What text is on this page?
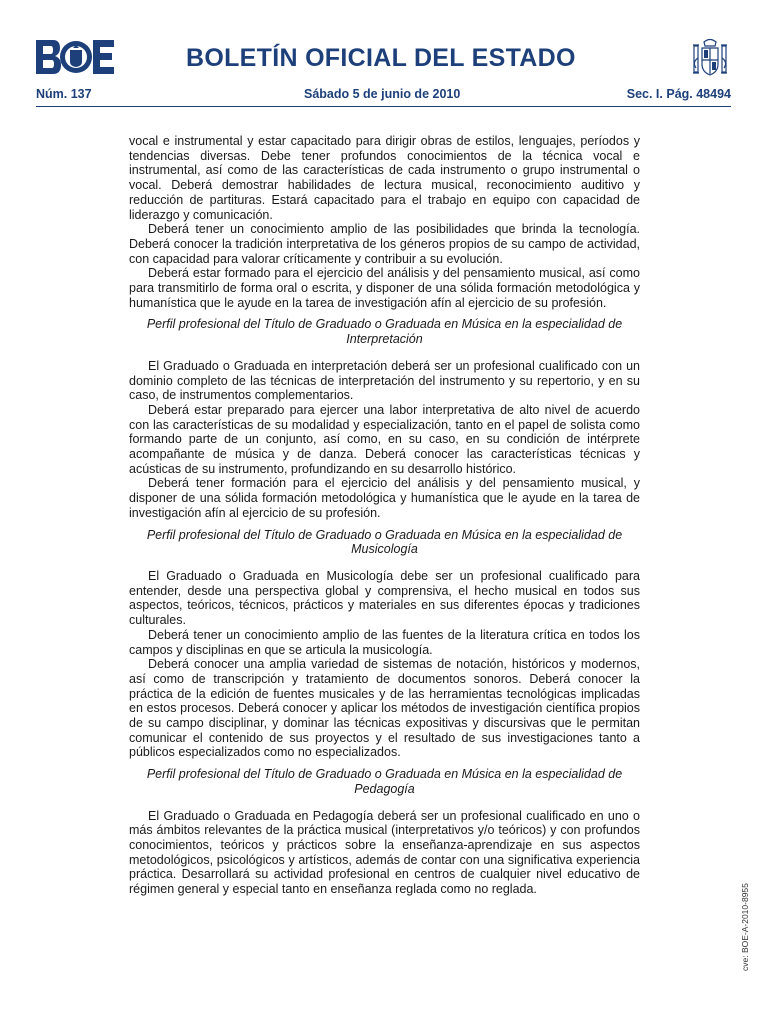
BOLETÍN OFICIAL DEL ESTADO
Núm. 137	Sábado 5 de junio de 2010	Sec. I. Pág. 48494

vocal e instrumental y estar capacitado para dirigir obras de estilos, lenguajes, períodos y tendencias diversas. Debe tener profundos conocimientos de la técnica vocal e instrumental, así como de las características de cada instrumento o grupo instrumental o vocal. Deberá demostrar habilidades de lectura musical, reconocimiento auditivo y reducción de partituras. Estará capacitado para el trabajo en equipo con capacidad de liderazgo y comunicación.

Deberá tener un conocimiento amplio de las posibilidades que brinda la tecnología. Deberá conocer la tradición interpretativa de los géneros propios de su campo de actividad, con capacidad para valorar críticamente y contribuir a su evolución.

Deberá estar formado para el ejercicio del análisis y del pensamiento musical, así como para transmitirlo de forma oral o escrita, y disponer de una sólida formación metodológica y humanística que le ayude en la tarea de investigación afín al ejercicio de su profesión.

Perfil profesional del Título de Graduado o Graduada en Música en la especialidad de Interpretación

El Graduado o Graduada en interpretación deberá ser un profesional cualificado con un dominio completo de las técnicas de interpretación del instrumento y su repertorio, y en su caso, de instrumentos complementarios.

Deberá estar preparado para ejercer una labor interpretativa de alto nivel de acuerdo con las características de su modalidad y especialización, tanto en el papel de solista como formando parte de un conjunto, así como, en su caso, en su condición de intérprete acompañante de música y de danza. Deberá conocer las características técnicas y acústicas de su instrumento, profundizando en su desarrollo histórico.

Deberá tener formación para el ejercicio del análisis y del pensamiento musical, y disponer de una sólida formación metodológica y humanística que le ayude en la tarea de investigación afín al ejercicio de su profesión.

Perfil profesional del Título de Graduado o Graduada en Música en la especialidad de Musicología

El Graduado o Graduada en Musicología debe ser un profesional cualificado para entender, desde una perspectiva global y comprensiva, el hecho musical en todos sus aspectos, teóricos, técnicos, prácticos y materiales en sus diferentes épocas y tradiciones culturales.

Deberá tener un conocimiento amplio de las fuentes de la literatura crítica en todos los campos y disciplinas en que se articula la musicología.

Deberá conocer una amplia variedad de sistemas de notación, históricos y modernos, así como de transcripción y tratamiento de documentos sonoros. Deberá conocer la práctica de la edición de fuentes musicales y de las herramientas tecnológicas implicadas en estos procesos. Deberá conocer y aplicar los métodos de investigación científica propios de su campo disciplinar, y dominar las técnicas expositivas y discursivas que le permitan comunicar el contenido de sus proyectos y el resultado de sus investigaciones tanto a públicos especializados como no especializados.

Perfil profesional del Título de Graduado o Graduada en Música en la especialidad de Pedagogía

El Graduado o Graduada en Pedagogía deberá ser un profesional cualificado en uno o más ámbitos relevantes de la práctica musical (interpretativos y/o teóricos) y con profundos conocimientos, teóricos y prácticos sobre la enseñanza-aprendizaje en sus aspectos metodológicos, psicológicos y artísticos, además de contar con una significativa experiencia práctica. Desarrollará su actividad profesional en centros de cualquier nivel educativo de régimen general y especial tanto en enseñanza reglada como no reglada.	cve: BOE-A-2010-8955
